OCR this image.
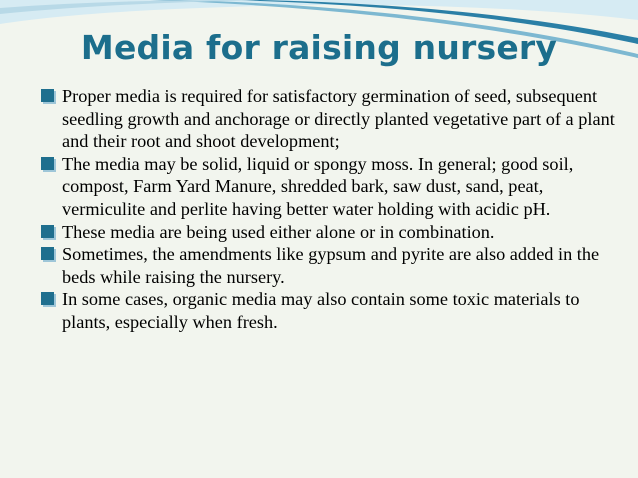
Media for raising nursery
Proper media is required for satisfactory germination of seed, subsequent seedling growth and anchorage or directly planted vegetative part of a plant and their root and shoot development;
The media may be solid, liquid or spongy moss. In general; good soil, compost, Farm Yard Manure, shredded bark, saw dust, sand, peat, vermiculite and perlite having better water holding with acidic pH.
These media are being used either alone or in combination.
Sometimes, the amendments like gypsum and pyrite are also added in the beds while raising the nursery.
In some cases, organic media may also contain some toxic materials to plants, especially when fresh.
